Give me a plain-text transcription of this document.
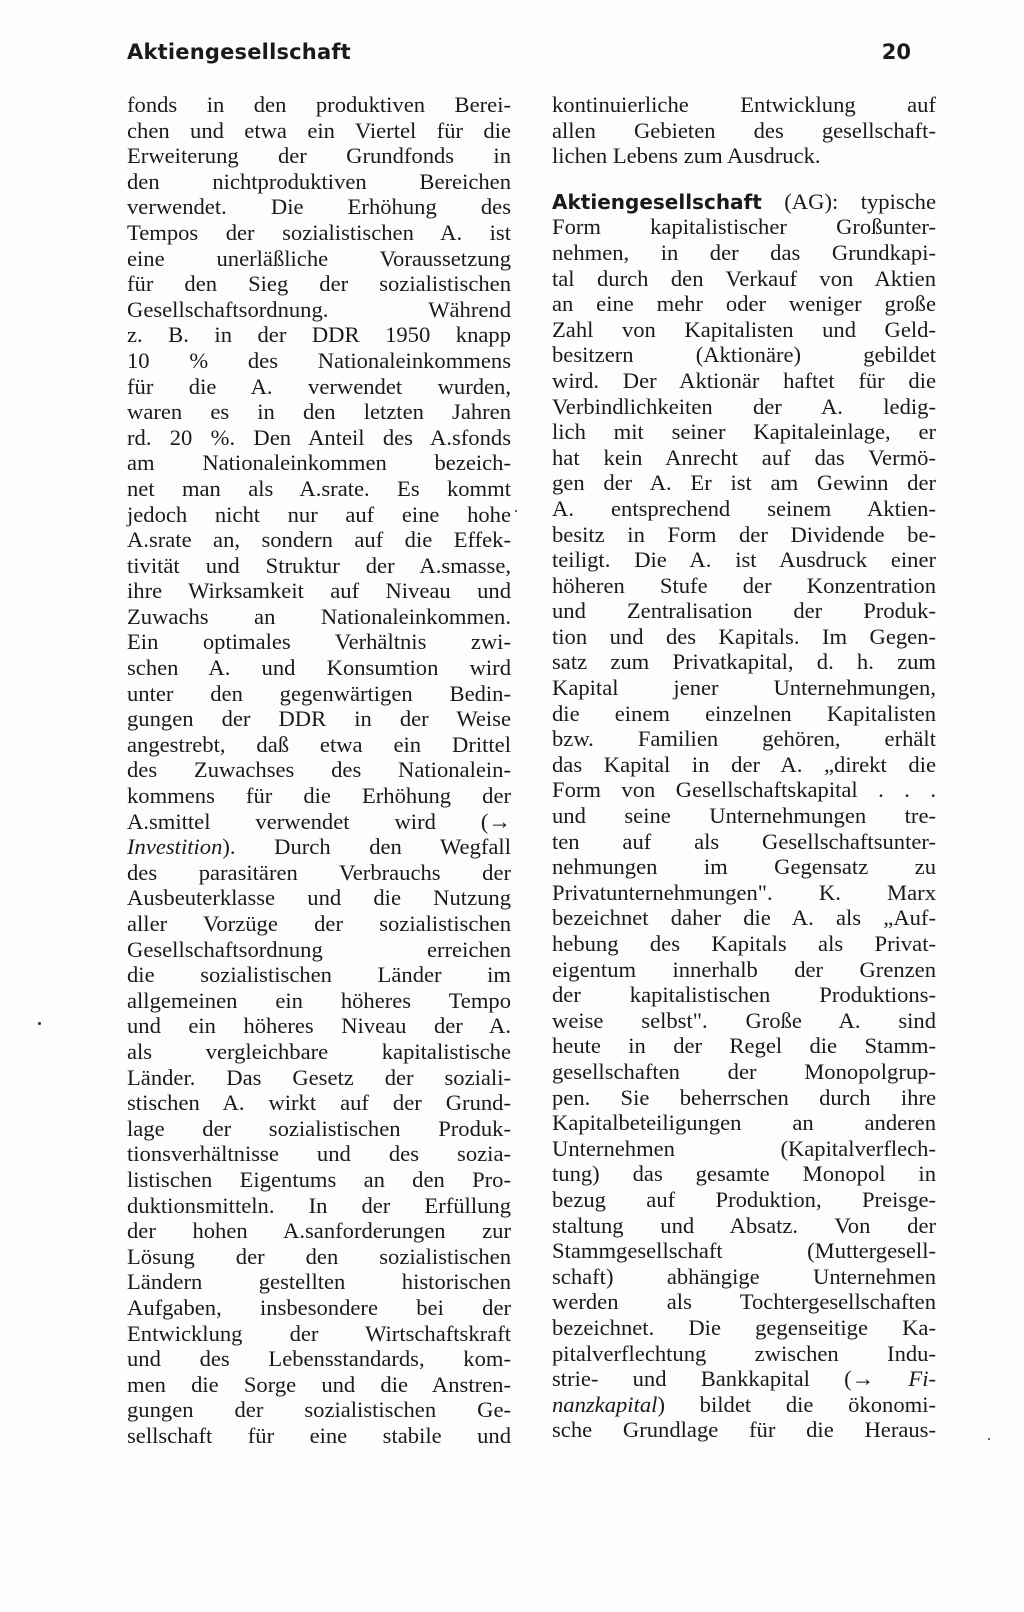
Aktiengesellschaft	20
fonds in den produktiven Berei-
chen und etwa ein Viertel für die
Erweiterung der Grundfonds in
den nichtproduktiven Bereichen
verwendet. Die Erhöhung des
Tempos der sozialistischen A. ist
eine unerläßliche Voraussetzung
für den Sieg der sozialistischen
Gesellschaftsordnung. Während
z. B. in der DDR 1950 knapp
10 % des Nationaleinkommens
für die A. verwendet wurden,
waren es in den letzten Jahren
rd. 20 %. Den Anteil des A.sfonds
am Nationaleinkommen bezeich-
net man als A.srate. Es kommt
jedoch nicht nur auf eine hohe
A.srate an, sondern auf die Effek-
tivität und Struktur der A.smasse,
ihre Wirksamkeit auf Niveau und
Zuwachs an Nationaleinkommen.
Ein optimales Verhältnis zwi-
schen A. und Konsumtion wird
unter den gegenwärtigen Bedin-
gungen der DDR in der Weise
angestrebt, daß etwa ein Drittel
des Zuwachses des Nationalein-
kommens für die Erhöhung der
A.smittel verwendet wird (→
Investition). Durch den Wegfall
des parasitären Verbrauchs der
Ausbeuterklasse und die Nutzung
aller Vorzüge der sozialistischen
Gesellschaftsordnung erreichen
die sozialistischen Länder im
allgemeinen ein höheres Tempo
und ein höheres Niveau der A.
als vergleichbare kapitalistische
Länder. Das Gesetz der soziali-
stischen A. wirkt auf der Grund-
lage der sozialistischen Produk-
tionsverhältnisse und des sozia-
listischen Eigentums an den Pro-
duktionsmitteln. In der Erfüllung
der hohen A.sanforderungen zur
Lösung der den sozialistischen
Ländern gestellten historischen
Aufgaben, insbesondere bei der
Entwicklung der Wirtschaftskraft
und des Lebensstandards, kom-
men die Sorge und die Anstren-
gungen der sozialistischen Ge-
sellschaft für eine stabile und
kontinuierliche Entwicklung auf
allen Gebieten des gesellschaft-
lichen Lebens zum Ausdruck.
Aktiengesellschaft (AG): typische
Form kapitalistischer Großunter-
nehmen, in der das Grundkapi-
tal durch den Verkauf von Aktien
an eine mehr oder weniger große
Zahl von Kapitalisten und Geld-
besitzern (Aktionäre) gebildet
wird. Der Aktionär haftet für die
Verbindlichkeiten der A. ledig-
lich mit seiner Kapitaleinlage, er
hat kein Anrecht auf das Vermö-
gen der A. Er ist am Gewinn der
A. entsprechend seinem Aktien-
besitz in Form der Dividende be-
teiligt. Die A. ist Ausdruck einer
höheren Stufe der Konzentration
und Zentralisation der Produk-
tion und des Kapitals. Im Gegen-
satz zum Privatkapital, d. h. zum
Kapital jener Unternehmungen,
die einem einzelnen Kapitalisten
bzw. Familien gehören, erhält
das Kapital in der A. „direkt die
Form von Gesellschaftskapital . . .
und seine Unternehmungen tre-
ten auf als Gesellschaftsunter-
nehmungen im Gegensatz zu
Privatunternehmungen". K. Marx
bezeichnet daher die A. als „Auf-
hebung des Kapitals als Privat-
eigentum innerhalb der Grenzen
der kapitalistischen Produktions-
weise selbst". Große A. sind
heute in der Regel die Stamm-
gesellschaften der Monopolgrup-
pen. Sie beherrschen durch ihre
Kapitalbeteiligungen an anderen
Unternehmen (Kapitalverflech-
tung) das gesamte Monopol in
bezug auf Produktion, Preisge-
staltung und Absatz. Von der
Stammgesellschaft (Muttergesell-
schaft) abhängige Unternehmen
werden als Tochtergesellschaften
bezeichnet. Die gegenseitige Ka-
pitalverflechtung zwischen Indu-
strie- und Bankkapital (→ Fi-
nanzkapital) bildet die ökonomi-
sche Grundlage für die Heraus-
